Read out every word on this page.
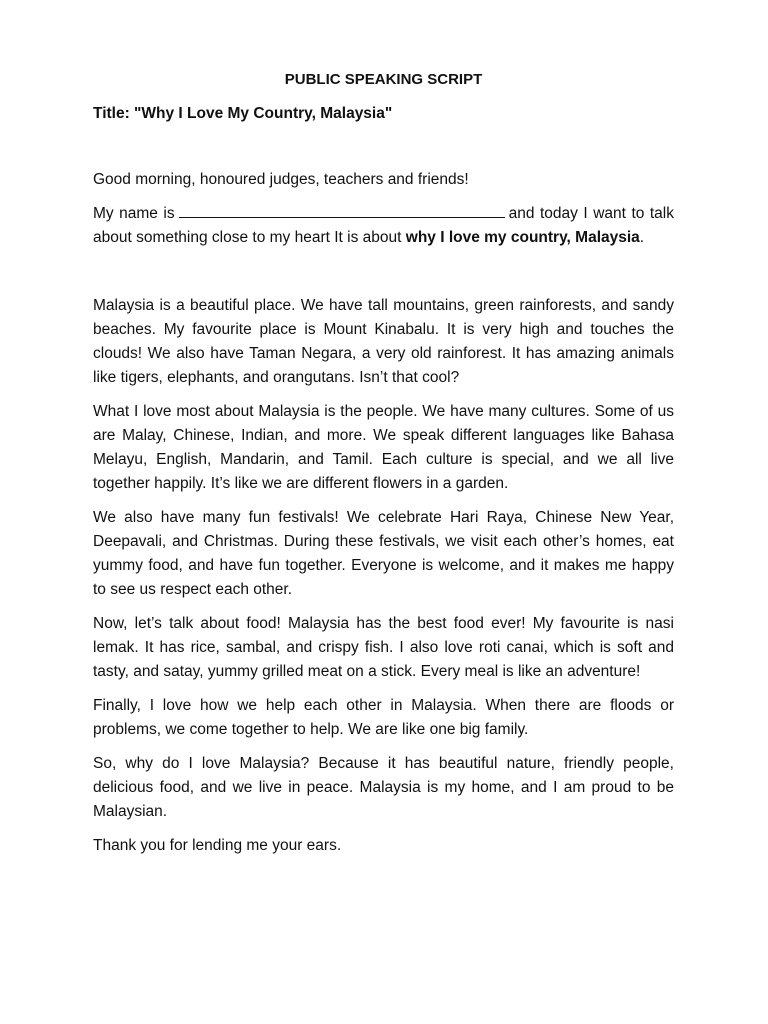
PUBLIC SPEAKING SCRIPT
Title: "Why I Love My Country, Malaysia"

Good morning, honoured judges, teachers and friends!

My name is	and today I want to talk about something close to my heart It is about why I love my country, Malaysia.

Malaysia is a beautiful place. We have tall mountains, green rainforests, and sandy beaches. My favourite place is Mount Kinabalu. It is very high and touches the clouds! We also have Taman Negara, a very old rainforest. It has amazing animals like tigers, elephants, and orangutans. Isn’t that cool?

What I love most about Malaysia is the people. We have many cultures. Some of us are Malay, Chinese, Indian, and more. We speak different languages like Bahasa Melayu, English, Mandarin, and Tamil. Each culture is special, and we all live together happily. It’s like we are different flowers in a garden.

We also have many fun festivals! We celebrate Hari Raya, Chinese New Year, Deepavali, and Christmas. During these festivals, we visit each other’s homes, eat yummy food, and have fun together. Everyone is welcome, and it makes me happy to see us respect each other.

Now, let’s talk about food! Malaysia has the best food ever! My favourite is nasi lemak. It has rice, sambal, and crispy fish. I also love roti canai, which is soft and tasty, and satay, yummy grilled meat on a stick. Every meal is like an adventure!

Finally, I love how we help each other in Malaysia. When there are floods or problems, we come together to help. We are like one big family.

So, why do I love Malaysia? Because it has beautiful nature, friendly people, delicious food, and we live in peace. Malaysia is my home, and I am proud to be Malaysian.

Thank you for lending me your ears.
